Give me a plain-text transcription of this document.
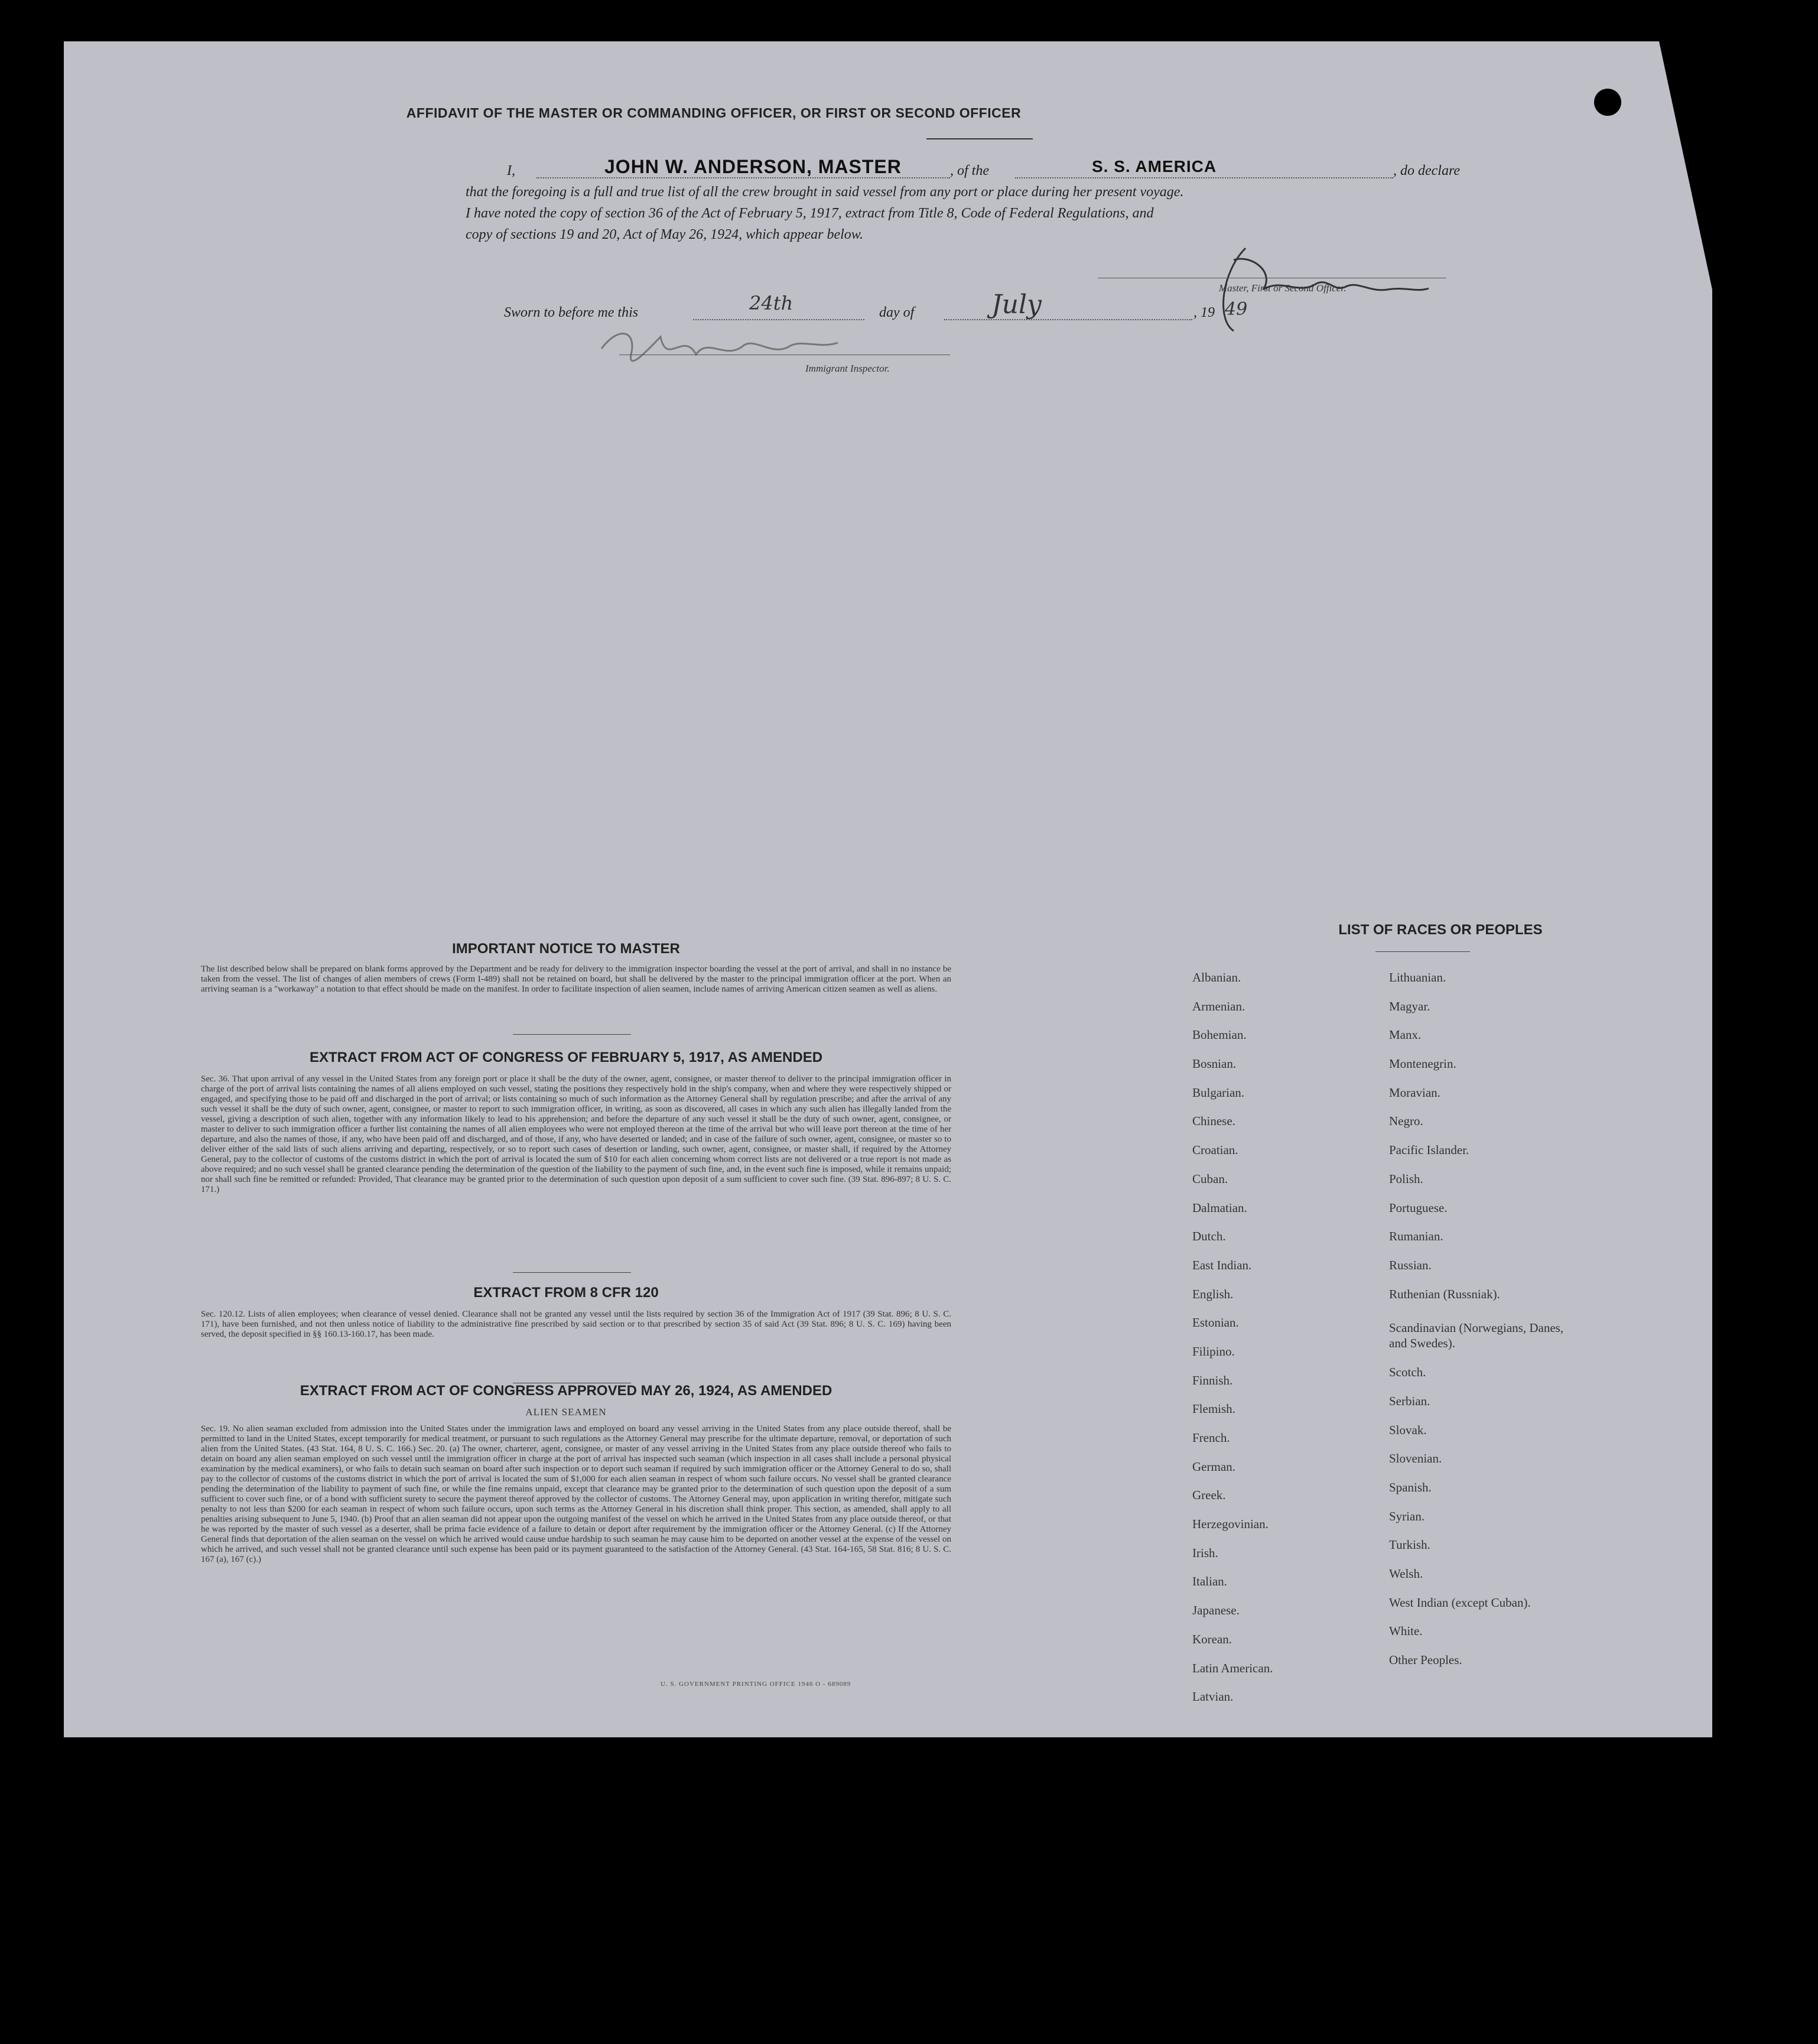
AFFIDAVIT OF THE MASTER OR COMMANDING OFFICER, OR FIRST OR SECOND OFFICER
I,	JOHN W. ANDERSON, MASTER	, of the	S. S. AMERICA	, do declare
that the foregoing is a full and true list of all the crew brought in said vessel from any port or place during her present voyage.
I have noted the copy of section 36 of the Act of February 5, 1917, extract from Title 8, Code of Federal Regulations, and
copy of sections 19 and 20, Act of May 26, 1924, which appear below.
Master, First or Second Officer.
Sworn to before me this	24th	day of	July	, 19 49
Immigrant Inspector.
IMPORTANT NOTICE TO MASTER
The list described below shall be prepared on blank forms approved by the Department and be ready for delivery to the immigration inspector boarding the vessel at the port of arrival, and shall in no instance be taken from the vessel. The list of changes of alien members of crews (Form I-489) shall not be retained on board, but shall be delivered by the master to the principal immigration officer at the port. When an arriving seaman is a "workaway" a notation to that effect should be made on the manifest. In order to facilitate inspection of alien seamen, include names of arriving American citizen seamen as well as aliens.
EXTRACT FROM ACT OF CONGRESS OF FEBRUARY 5, 1917, AS AMENDED
Sec. 36. That upon arrival of any vessel in the United States from any foreign port or place it shall be the duty of the owner, agent, consignee, or master thereof to deliver to the principal immigration officer in charge of the port of arrival lists containing the names of all aliens employed on such vessel, stating the positions they respectively hold in the ship's company, when and where they were respectively shipped or engaged, and specifying those to be paid off and discharged in the port of arrival; or lists containing so much of such information as the Attorney General shall by regulation prescribe; and after the arrival of any such vessel it shall be the duty of such owner, agent, consignee, or master to report to such immigration officer, in writing, as soon as discovered, all cases in which any such alien has illegally landed from the vessel, giving a description of such alien, together with any information likely to lead to his apprehension; and before the departure of any such vessel it shall be the duty of such owner, agent, consignee, or master to deliver to such immigration officer a further list containing the names of all alien employees who were not employed thereon at the time of the arrival but who will leave port thereon at the time of her departure, and also the names of those, if any, who have been paid off and discharged, and of those, if any, who have deserted or landed; and in case of the failure of such owner, agent, consignee, or master so to deliver either of the said lists of such aliens arriving and departing, respectively, or so to report such cases of desertion or landing, such owner, agent, consignee, or master shall, if required by the Attorney General, pay to the collector of customs of the customs district in which the port of arrival is located the sum of $10 for each alien concerning whom correct lists are not delivered or a true report is not made as above required; and no such vessel shall be granted clearance pending the determination of the question of the liability to the payment of such fine, and, in the event such fine is imposed, while it remains unpaid; nor shall such fine be remitted or refunded: Provided, That clearance may be granted prior to the determination of such question upon deposit of a sum sufficient to cover such fine. (39 Stat. 896-897; 8 U. S. C. 171.)
EXTRACT FROM 8 CFR 120
Sec. 120.12. Lists of alien employees; when clearance of vessel denied. Clearance shall not be granted any vessel until the lists required by section 36 of the Immigration Act of 1917 (39 Stat. 896; 8 U. S. C. 171), have been furnished, and not then unless notice of liability to the administrative fine prescribed by said section or to that prescribed by section 35 of said Act (39 Stat. 896; 8 U. S. C. 169) having been served, the deposit specified in §§ 160.13-160.17, has been made.
EXTRACT FROM ACT OF CONGRESS APPROVED MAY 26, 1924, AS AMENDED
ALIEN SEAMEN
Sec. 19. No alien seaman excluded from admission into the United States under the immigration laws and employed on board any vessel arriving in the United States from any place outside thereof, shall be permitted to land in the United States, except temporarily for medical treatment, or pursuant to such regulations as the Attorney General may prescribe for the ultimate departure, removal, or deportation of such alien from the United States. (43 Stat. 164, 8 U. S. C. 166.) Sec. 20. (a) The owner, charterer, agent, consignee, or master of any vessel arriving in the United States from any place outside thereof who fails to detain on board any alien seaman employed on such vessel until the immigration officer in charge at the port of arrival has inspected such seaman (which inspection in all cases shall include a personal physical examination by the medical examiners), or who fails to detain such seaman on board after such inspection or to deport such seaman if required by such immigration officer or the Attorney General to do so, shall pay to the collector of customs of the customs district in which the port of arrival is located the sum of $1,000 for each alien seaman in respect of whom such failure occurs. No vessel shall be granted clearance pending the determination of the liability to payment of such fine, or while the fine remains unpaid, except that clearance may be granted prior to the determination of such question upon the deposit of a sum sufficient to cover such fine, or of a bond with sufficient surety to secure the payment thereof approved by the collector of customs. The Attorney General may, upon application in writing therefor, mitigate such penalty to not less than $200 for each seaman in respect of whom such failure occurs, upon such terms as the Attorney General in his discretion shall think proper. This section, as amended, shall apply to all penalties arising subsequent to June 5, 1940. (b) Proof that an alien seaman did not appear upon the outgoing manifest of the vessel on which he arrived in the United States from any place outside thereof, or that he was reported by the master of such vessel as a deserter, shall be prima facie evidence of a failure to detain or deport after requirement by the immigration officer or the Attorney General. (c) If the Attorney General finds that deportation of the alien seaman on the vessel on which he arrived would cause undue hardship to such seaman he may cause him to be deported on another vessel at the expense of the vessel on which he arrived, and such vessel shall not be granted clearance until such expense has been paid or its payment guaranteed to the satisfaction of the Attorney General. (43 Stat. 164-165, 58 Stat. 816; 8 U. S. C. 167 (a), 167 (c).)
U. S. GOVERNMENT PRINTING OFFICE 1946 O - 689089
LIST OF RACES OR PEOPLES
Albanian.
Armenian.
Bohemian.
Bosnian.
Bulgarian.
Chinese.
Croatian.
Cuban.
Dalmatian.
Dutch.
East Indian.
English.
Estonian.
Filipino.
Finnish.
Flemish.
French.
German.
Greek.
Herzegovinian.
Irish.
Italian.
Japanese.
Korean.
Latin American.
Latvian.
Lithuanian.
Magyar.
Manx.
Montenegrin.
Moravian.
Negro.
Pacific Islander.
Polish.
Portuguese.
Rumanian.
Russian.
Ruthenian (Russniak).
Scandinavian (Norwegians, Danes, and Swedes).
Scotch.
Serbian.
Slovak.
Slovenian.
Spanish.
Syrian.
Turkish.
Welsh.
West Indian (except Cuban).
White.
Other Peoples.
